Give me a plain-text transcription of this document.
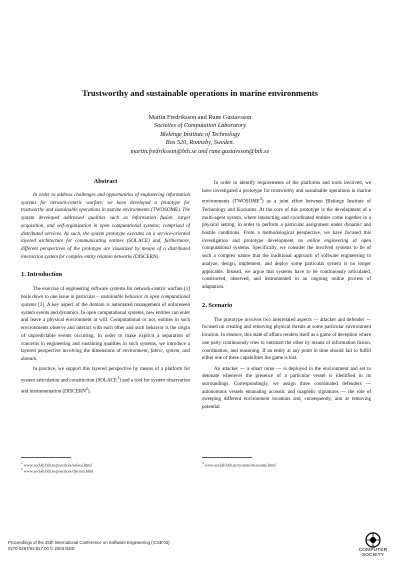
Trustworthy and sustainable operations in marine environments
Martin Fredriksson and Rune Gustavsson
Societies of Computation Laboratory
Blekinge Institute of Technology
Box 520, Ronneby, Sweden.
martin.fredriksson@bth.se and rune.gustavsson@bth.se
Abstract

In order to address challenges and opportunities of engineering information systems for network-centric warfare, we have developed a prototype for trustworthy and sustainable operations in marine environments (TWOSOME). The system developed addressed qualities such as information fusion, target acquisition, and self-organization in open computational systems; comprised of distributed services. As such, the system prototype executes on a service-oriented layered architecture for communicating entities (SOLACE) and, furthermore, different perspectives of the prototype are visualized by means of a distributed interaction system for complex entity relation networks (DISCERN).

1. Introduction

The exercise of engineering software systems for network-centric warfare [1] boils down to one issue in particular – sustainable behavior in open computational systems [2]. A key aspect of the domain is automated management of unforeseen system events and dynamics. In open computational systems, new entities can enter and leave a physical environment at will. Computational or not, entities in such environments observe and interact with each other and such behavior is the origin of unpredictable events occurring. In order to make explicit a separation of concerns in engineering and sustaining qualities in such systems, we introduce a layered perspective involving the dimensions of environment, fabric, system, and domain.

In practice, we support this layered perspective by means of a platform for system articulation and construction (SOLACE$^1$) and a tool for system observation and instrumentation (DISCERN$^2$).

In order to identify requirements of the platforms and tools involved, we have investigated a prototype for trustworthy and sustainable operations in marine environments (TWOSOME$^3$) as a joint effort between Blekinge Institute of Technology and Kockums. At the core of this prototype is the development of a multi-agent system, where interacting and coordinated entities come together in a physical setting; in order to perform a particular assignment under dynamic and hostile conditions. From a methodological perspective, we have focused this investigation and prototype development on online engineering of open computational systems. Specifically, we consider the involved systems to be of such a complex nature that the traditional approach of software engineering to analyze, design, implement, and deploy some particular system is no longer applicable. Instead, we argue that systems have to be continuously articulated, constructed, observed, and instrumented in an ongoing online process of adaptation.

2. Scenario

The prototype involves two interrelated aspects — attacker and defender — focused on creating and removing physical threats at some particular environment location. In essence, this state of affairs renders itself as a game of deception where one party continuously tries to outsmart the other by means of information fusion, coordination, and reasoning. If an entity at any point in time should fail to fulfill either one of these capabilities the game is lost.

An attacker — a smart mine — is deployed in the environment and set to detonate whenever the presence of a particular vessel is identified in its surroundings. Correspondingly, we assign three coordinated defenders — autonomous vessels emanating acoustic and magnetic signatures — the role of sweeping different environment locations and, consequently, aim at removing potential

$^1$ www.soclab.bth.se/practices/solace.html
$^2$ www.soclab.bth.se/practices/discern.html
$^3$ www.soclab.bth.se/systems/twosome.html
Proceedings of the 25th International Conference on Software Engineering (ICSE'03)
0270-5257/03 $17.00 © 2003 IEEE	COMPUTER
SOCIETY
